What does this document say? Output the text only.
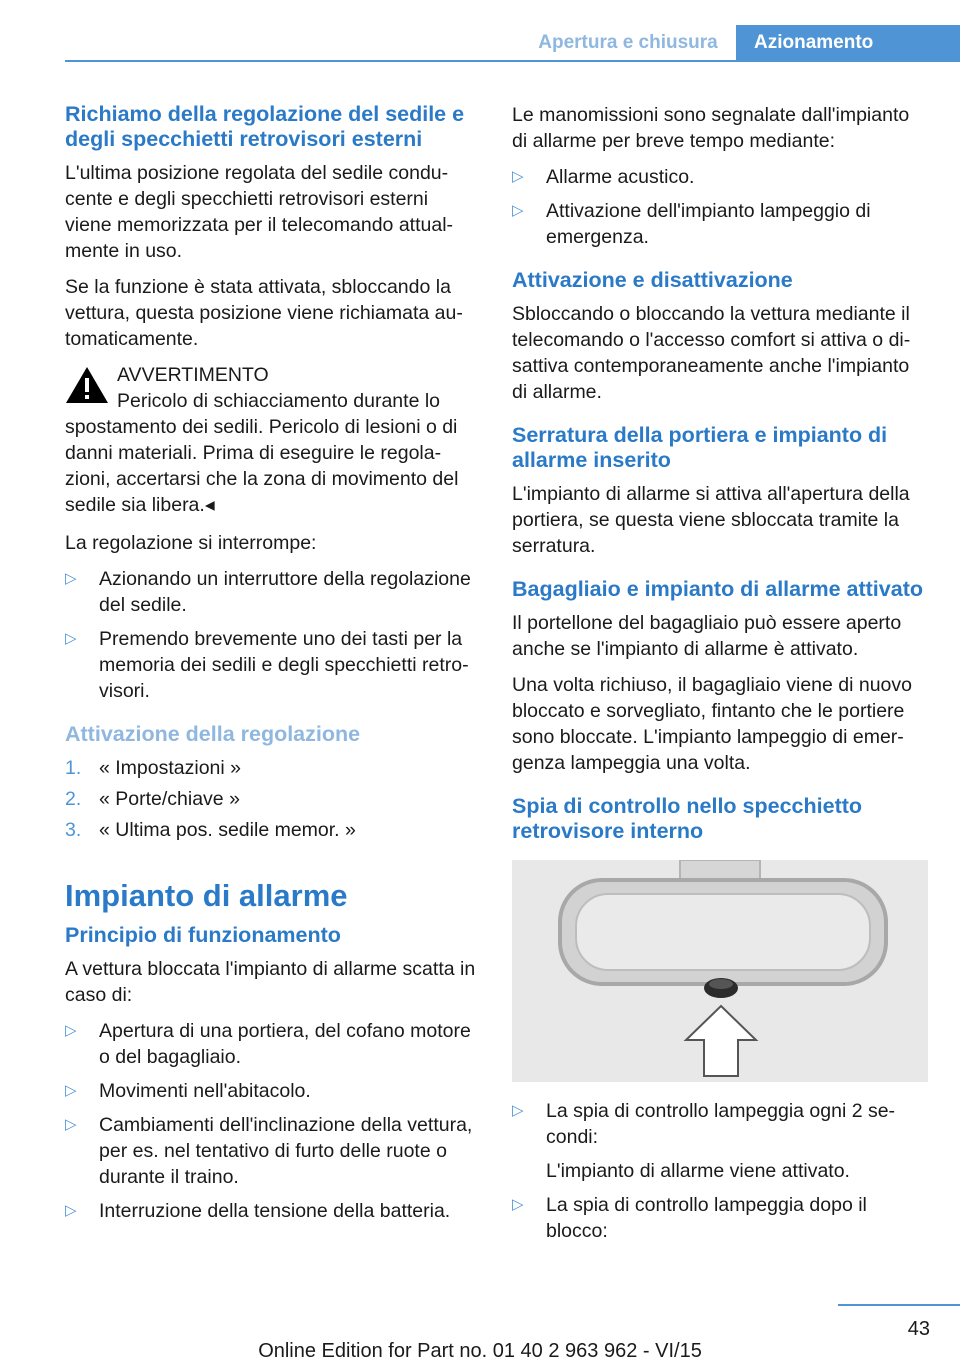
Apertura e chiusura	Azionamento
Richiamo della regolazione del sedile e degli specchietti retrovisori esterni

L'ultima posizione regolata del sedile condu-cente e degli specchietti retrovisori esterni viene memorizzata per il telecomando attual-mente in uso.

Se la funzione è stata attivata, sbloccando la vettura, questa posizione viene richiamata au-tomaticamente.

AVVERTIMENTO

Pericolo di schiacciamento durante lo

spostamento dei sedili. Pericolo di lesioni o di danni materiali. Prima di eseguire le regola-zioni, accertarsi che la zona di movimento del sedile sia libera.◂

La regolazione si interrompe:

▷ Azionando un interruttore della regolazione del sedile.
▷ Premendo brevemente uno dei tasti per la memoria dei sedili e degli specchietti retro-visori.
Attivazione della regolazione
1. « Impostazioni »
2. « Porte/chiave »
3. « Ultima pos. sedile memor. »
Impianto di allarme
Principio di funzionamento

A vettura bloccata l'impianto di allarme scatta in caso di:

▷ Apertura di una portiera, del cofano motore o del bagagliaio.
▷ Movimenti nell'abitacolo.
▷ Cambiamenti dell'inclinazione della vettura, per es. nel tentativo di furto delle ruote o durante il traino.
▷ Interruzione della tensione della batteria.

Le manomissioni sono segnalate dall'impianto di allarme per breve tempo mediante:

▷ Allarme acustico.
▷ Attivazione dell'impianto lampeggio di emergenza.
Attivazione e disattivazione

Sbloccando o bloccando la vettura mediante il telecomando o l'accesso comfort si attiva o di-sattiva contemporaneamente anche l'impianto di allarme.

Serratura della portiera e impianto di allarme inserito

L'impianto di allarme si attiva all'apertura della portiera, se questa viene sbloccata tramite la serratura.

Bagagliaio e impianto di allarme attivato

Il portellone del bagagliaio può essere aperto anche se l'impianto di allarme è attivato.

Una volta richiuso, il bagagliaio viene di nuovo bloccato e sorvegliato, fintanto che le portiere sono bloccate. L'impianto lampeggio di emer-genza lampeggia una volta.

Spia di controllo nello specchietto retrovisore interno
▷ La spia di controllo lampeggia ogni 2 se-condi:
L'impianto di allarme viene attivato.
▷ La spia di controllo lampeggia dopo il blocco:
43
Online Edition for Part no. 01 40 2 963 962 - VI/15
